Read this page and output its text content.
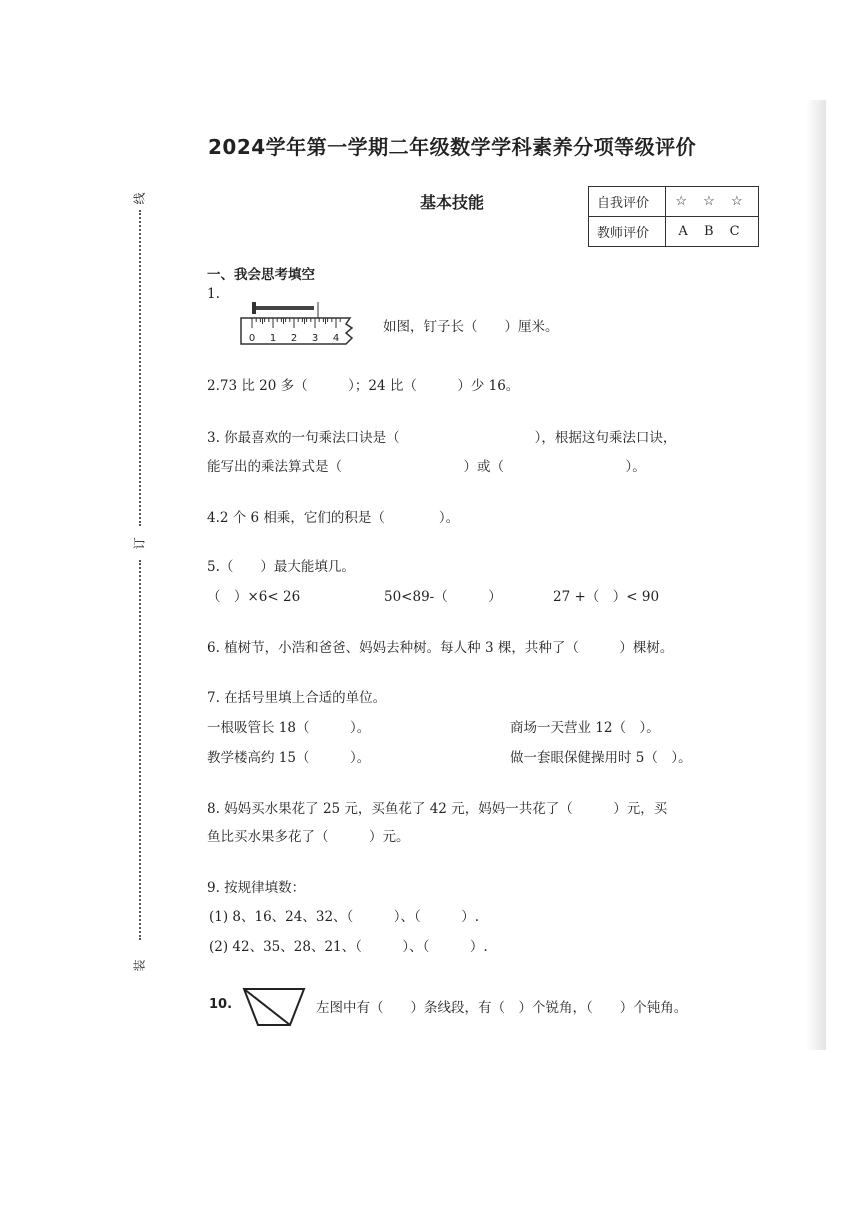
线
订
装
2024学年第一学期二年级数学学科素养分项等级评价
基本技能	自我评价	☆ ☆ ☆
教师评价	A B C
一、我会思考填空
1.
0 1 2 3 4
如图，钉子长（　　）厘米。
2.73 比 20 多（　　　）；24 比（　　　）少 16。
3. 你最喜欢的一句乘法口诀是（　　　　　　　　　　），根据这句乘法口诀，
能写出的乘法算式是（　　　　　　　　　）或（　　　　　　　　　）。
4.2 个 6 相乘，它们的积是（　　　　）。
5.（　　）最大能填几。
（　）×6< 26	50<89-（　　　）	27 +（　）< 90
6. 植树节，小浩和爸爸、妈妈去种树。每人种 3 棵，共种了（　　　）棵树。
7. 在括号里填上合适的单位。
一根吸管长 18（　　　）。	商场一天营业 12（　）。
教学楼高约 15（　　　）。	做一套眼保健操用时 5（　）。
8. 妈妈买水果花了 25 元，买鱼花了 42 元，妈妈一共花了（　　　）元，买
鱼比买水果多花了（　　　）元。
9. 按规律填数：
(1) 8、16、24、32、（　　　）、（　　　）.
(2) 42、35、28、21、（　　　）、（　　　）.
10.	左图中有（　　）条线段，有（　）个锐角，（　　）个钝角。
